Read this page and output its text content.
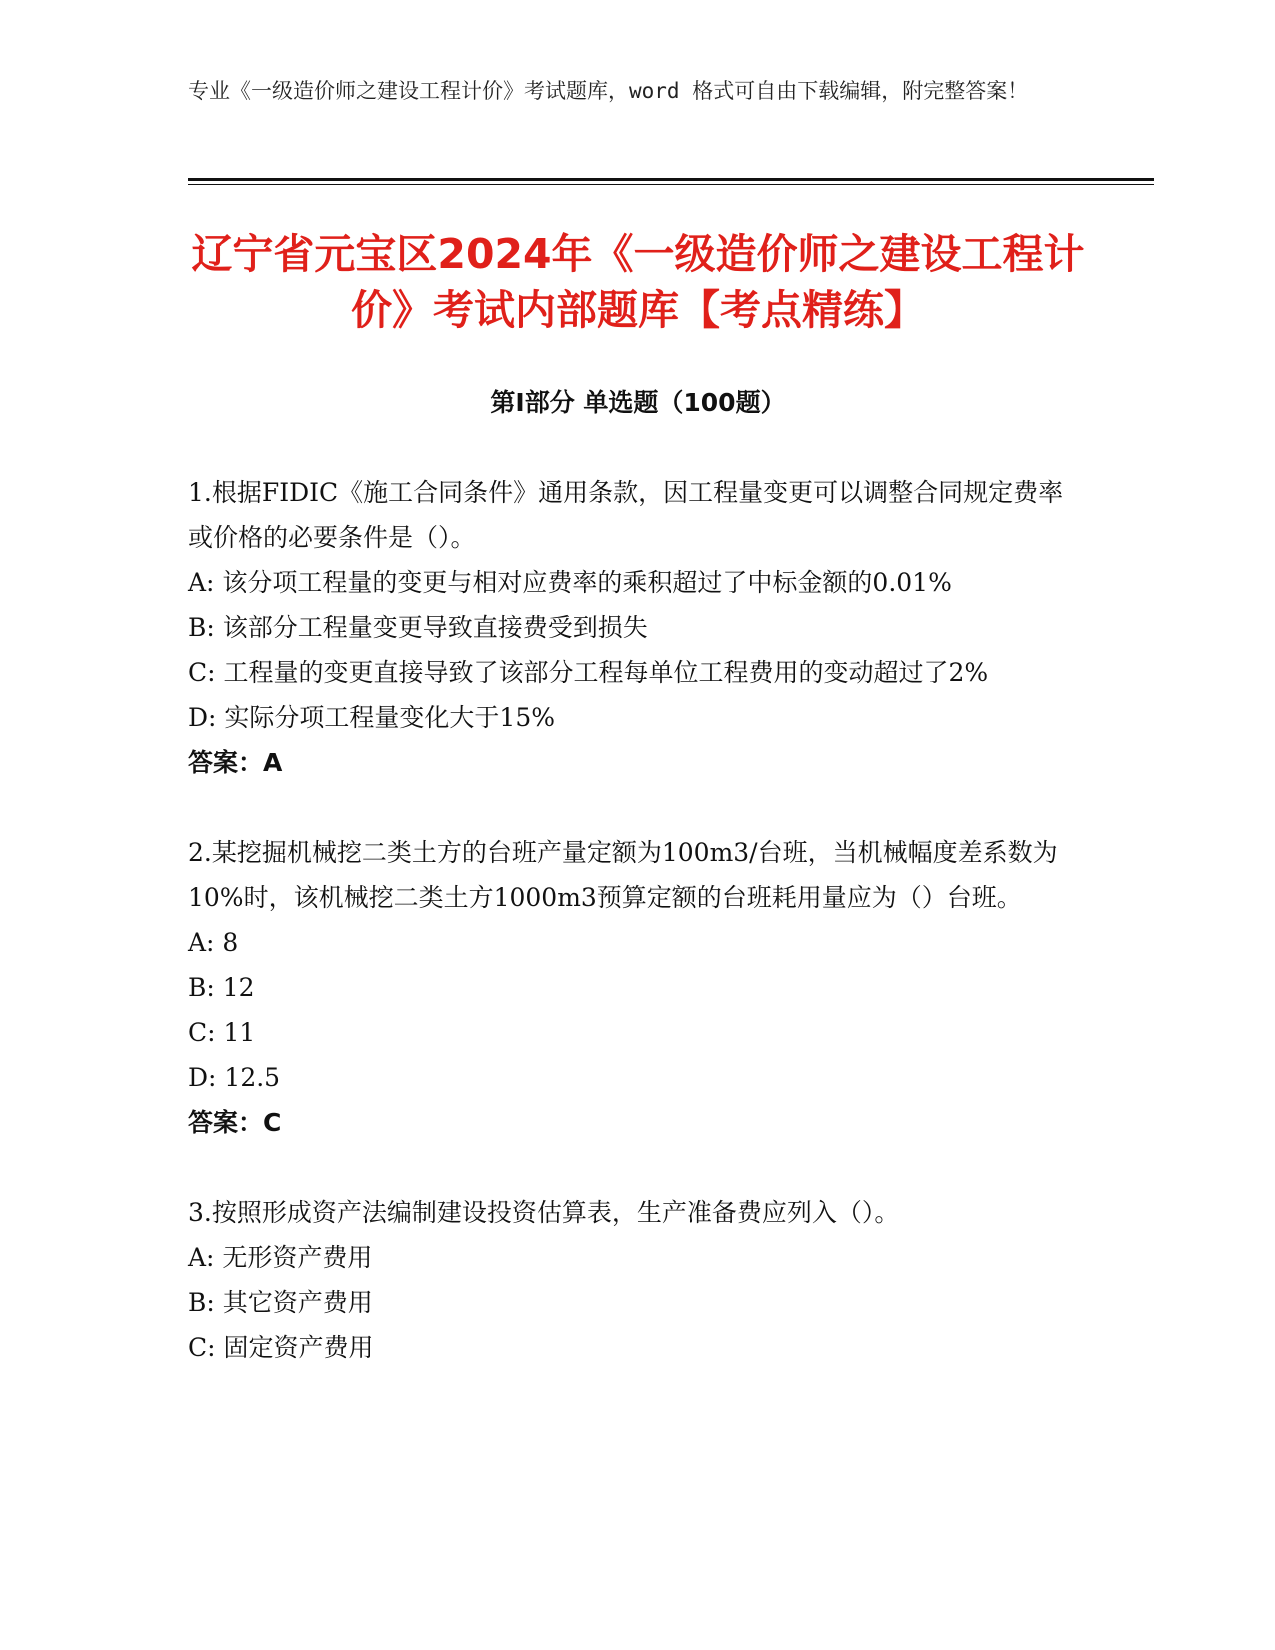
专业《一级造价师之建设工程计价》考试题库，word 格式可自由下载编辑，附完整答案！
辽宁省元宝区2024年《一级造价师之建设工程计价》考试内部题库【考点精练】
第I部分 单选题（100题）

1.根据FIDIC《施工合同条件》通用条款，因工程量变更可以调整合同规定费率或价格的必要条件是（）。

A: 该分项工程量的变更与相对应费率的乘积超过了中标金额的0.01%

B: 该部分工程量变更导致直接费受到损失

C: 工程量的变更直接导致了该部分工程每单位工程费用的变动超过了2%

D: 实际分项工程量变化大于15%

答案：A

2.某挖掘机械挖二类土方的台班产量定额为100m3/台班，当机械幅度差系数为10%时，该机械挖二类土方1000m3预算定额的台班耗用量应为（）台班。

A: 8

B: 12

C: 11

D: 12.5

答案：C

3.按照形成资产法编制建设投资估算表，生产准备费应列入（）。

A: 无形资产费用

B: 其它资产费用

C: 固定资产费用
